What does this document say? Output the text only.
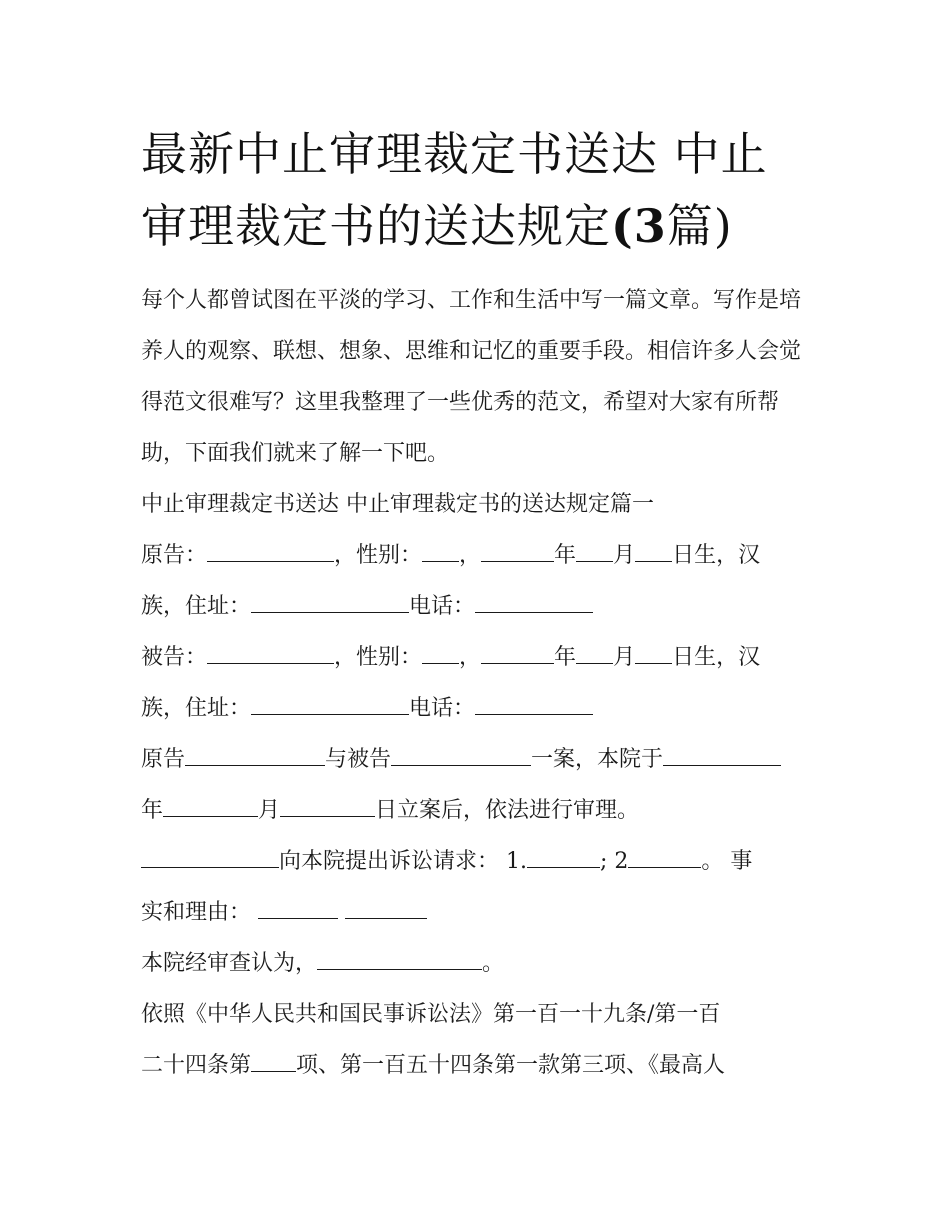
最新中止审理裁定书送达 中止
审理裁定书的送达规定(3篇)

每个人都曾试图在平淡的学习、工作和生活中写一篇文章。写作是培养人的观察、联想、想象、思维和记忆的重要手段。相信许多人会觉得范文很难写？这里我整理了一些优秀的范文，希望对大家有所帮助，下面我们就来了解一下吧。

中止审理裁定书送达 中止审理裁定书的送达规定篇一

原告：	，性别： ，	年 月 日生，汉

族，住址：	电话：

被告：	，性别： ，	年 月 日生，汉

族，住址：	电话：

原告	与被告	一案，本院于

年	月	日立案后，依法进行审理。

向本院提出诉讼请求： 1.	; 2	。 事

实和理由：

本院经审查认为，	。

依照《中华人民共和国民事诉讼法》第一百一十九条/第一百

二十四条第 项、第一百五十四条第一款第三项、《最高人
